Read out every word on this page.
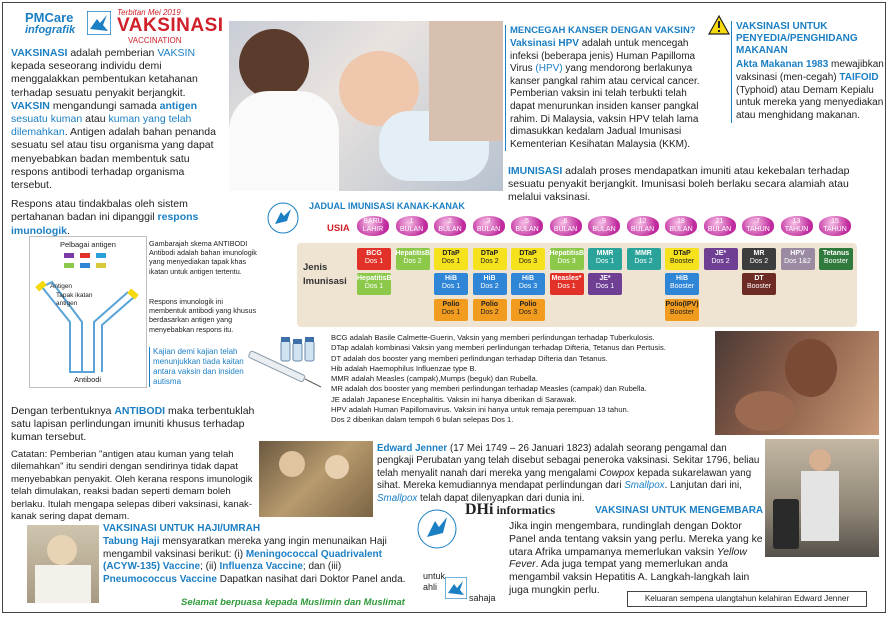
PMCare
infografik
Terbitan Mei 2019
VAKSINASI
VACCINATION

VAKSINASI adalah pemberian VAKSIN kepada seseorang individu demi menggalakkan pembentukan ketahanan terhadap sesuatu penyakit berjangkit. VAKSIN mengandungi samada antigen sesuatu kuman atau kuman yang telah dilemahkan. Antigen adalah bahan penanda sesuatu sel atau tisu organisma yang dapat menyebabkan badan membentuk satu respons antibodi terhadap organisma tersebut.

Respons atau tindakbalas oleh sistem pertahanan badan ini dipanggil respons imunologik.

MENCEGAH KANSER DENGAN VAKSIN?

Vaksinasi HPV adalah untuk mencegah infeksi (beberapa jenis) Human Papilloma Virus (HPV) yang mendorong berlakunya kanser pangkal rahim atau cervical cancer. Pemberian vaksin ini telah terbukti telah dapat menurunkan insiden kanser pangkal rahim. Di Malaysia, vaksin HPV telah lama dimasukkan kedalam Jadual Imunisasi Kementerian Kesihatan Malaysia (KKM).

VAKSINASI UNTUK PENYEDIA/PENGHIDANG MAKANAN

Akta Makanan 1983 mewajibkan vaksinasi (men-cegah) TAIFOID (Typhoid) atau Demam Kepialu untuk mereka yang menyediakan atau menghidang makanan.

IMUNISASI adalah proses mendapatkan imuniti atau kekebalan terhadap sesuatu penyakit berjangkit. Imunisasi boleh berlaku secara alamiah atau melalui vaksinasi.
Pelbagai antigen
Antigen
Tapak ikatan antigen
Antibodi
Gambarajah skema ANTIBODI Antibodi adalah bahan imunologik yang menyediakan tapak khas ikatan untuk antigen tertentu.
Respons imunologik ini membentuk antibodi yang khusus berdasarkan antigen yang menyebabkan respons itu.
Kajian demi kajian telah menunjukkan tiada kaitan antara vaksin dan insiden autisma
JADUAL IMUNISASI KANAK-KANAK
USIA
Jenis Imunisasi
BCG adalah Basile Calmette-Guerin, Vaksin yang memberi perlindungan terhadap Tuberkulosis.
DTap adalah kombinasi Vaksin yang memberi perlindungan terhadap Difteria, Tetanus dan Pertusis.
DT adalah dos booster yang memberi perlindungan terhadap Difteria dan Tetanus.
Hib adalah Haemophilus Influenzae type B.
MMR adalah Measles (campak),Mumps (beguk) dan Rubella.
MR adalah dos booster yang memberi perlindungan terhadap Measles (campak) dan Rubella.
JE adalah Japanese Encephalitis. Vaksin ini hanya diberikan di Sarawak.
HPV adalah Human Papillomavirus. Vaksin ini hanya untuk remaja perempuan 13 tahun.
Dos 2 diberikan dalam tempoh 6 bulan selepas Dos 1.
Dengan terbentuknya ANTIBODI maka terbentuklah satu lapisan perlindungan imuniti khusus terhadap kuman tersebut.
Catatan: Pemberian "antigen atau kuman yang telah dilemahkan" itu sendiri dengan sendirinya tidak dapat menyebabkan penyakit. Oleh kerana respons imunologik telah dimulakan, reaksi badan seperti demam boleh berlaku. Itulah mengapa selepas diberi vaksinasi, kanak-kanak sering dapat demam.
Edward Jenner (17 Mei 1749 – 26 Januari 1823) adalah seorang pengamal dan pengkaji Perubatan yang telah disebut sebagai peneroka vaksinasi. Sekitar 1796, beliau telah menyalit nanah dari mereka yang mengalami Cowpox kepada sukarelawan yang sihat. Mereka kemudiannya mendapat perlindungan dari Smallpox. Lanjutan dari ini, Smallpox telah dapat dilenyapkan dari dunia ini.
DHi informatics
VAKSINASI UNTUK HAJI/UMRAH
Tabung Haji mensyaratkan mereka yang ingin menunaikan Haji mengambil vaksinasi berikut: (i) Meningococcal Quadrivalent (ACYW-135) Vaccine; (ii) Influenza Vaccine; dan (iii) Pneumococcus Vaccine Dapatkan nasihat dari Doktor Panel anda.
Selamat berpuasa kepada Muslimin dan Muslimat
untuk
ahli
sahaja
VAKSINASI UNTUK MENGEMBARA
Jika ingin mengembara, rundinglah dengan Doktor Panel anda tentang vaksin yang perlu. Mereka yang ke utara Afrika umpamanya memerlukan vaksin Yellow Fever. Ada juga tempat yang memerlukan anda mengambil vaksin Hepatitis A. Langkah-langkah lain juga mungkin perlu.
Keluaran sempena ulangtahun kelahiran Edward Jenner
BARU
LAHIR
1
BULAN
2
BULAN
3
BULAN
5
BULAN
6
BULAN
9
BULAN
12
BULAN
18
BULAN
21
BULAN
7
TAHUN
13
TAHUN
15
TAHUN
BCG
Dos 1
HepatitisB
Dos 1
HepatitisB
Dos 2
DTaP
Dos 1
HiB
Dos 1
Polio
Dos 1
DTaP
Dos 2
HiB
Dos 2
Polio
Dos 2
DTaP
Dos 3
HiB
Dos 3
Polio
Dos 3
HepatitisB
Dos 3
Measles*
Dos 1
MMR
Dos 1
JE*
Dos 1
MMR
Dos 2
DTaP
Booster
HiB
Booster
Polio(IPV)
Booster
JE*
Dos 2
MR
Dos 2
DT
Booster
HPV
Dos 1&2
Tetanus
Booster
